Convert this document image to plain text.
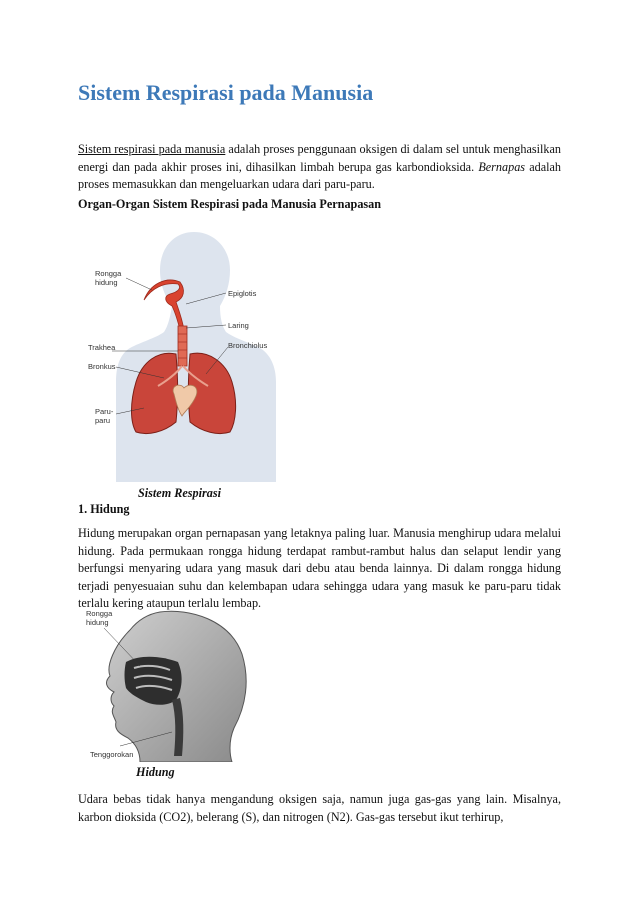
Sistem Respirasi pada Manusia

Sistem respirasi pada manusia adalah proses penggunaan oksigen di dalam sel untuk menghasilkan energi dan pada akhir proses ini, dihasilkan limbah berupa gas karbondioksida. Bernapas adalah proses memasukkan dan mengeluarkan udara dari paru-paru.

Organ-Organ Sistem Respirasi pada Manusia Pernapasan

Rongga
hidung
Epiglotis
Laring
Trakhea	Bronchiolus
Bronkus
Paru-
paru

Sistem Respirasi

1. Hidung

Hidung merupakan organ pernapasan yang letaknya paling luar. Manusia menghirup udara melalui hidung. Pada permukaan rongga hidung terdapat rambut-rambut halus dan selaput lendir yang berfungsi menyaring udara yang masuk dari debu atau benda lainnya. Di dalam rongga hidung terjadi penyesuaian suhu dan kelembapan udara sehingga udara yang masuk ke paru-paru tidak terlalu kering ataupun terlalu lembap.

Rongga
hidung
Tenggorokan

Hidung

Udara bebas tidak hanya mengandung oksigen saja, namun juga gas-gas yang lain. Misalnya, karbon dioksida (CO2), belerang (S), dan nitrogen (N2). Gas-gas tersebut ikut terhirup,
